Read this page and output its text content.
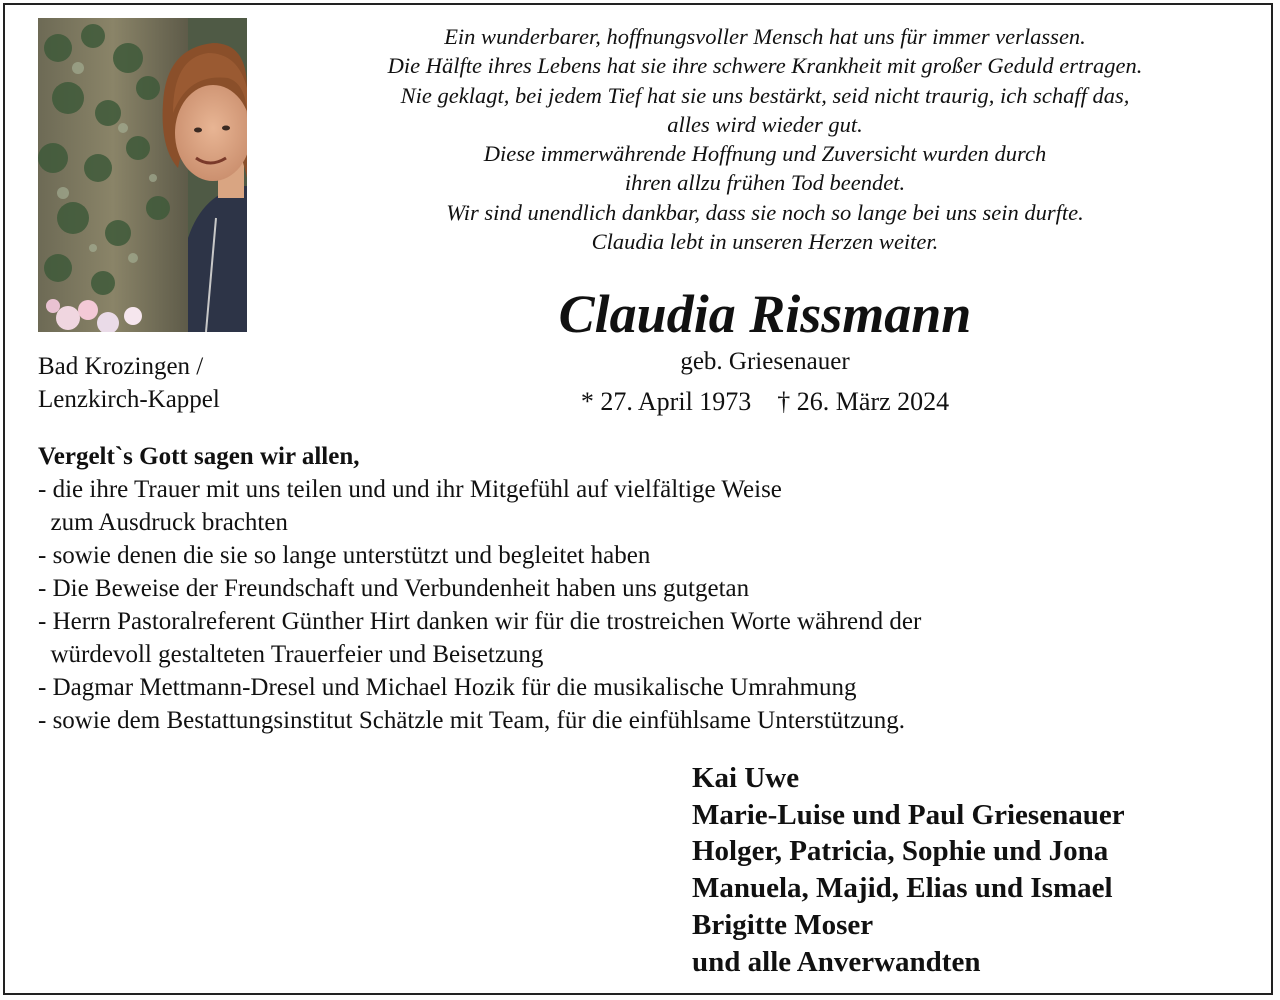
Ein wunderbarer, hoffnungsvoller Mensch hat uns für immer verlassen.
Die Hälfte ihres Lebens hat sie ihre schwere Krankheit mit großer Geduld ertragen.
Nie geklagt, bei jedem Tief hat sie uns bestärkt, seid nicht traurig, ich schaff das,
alles wird wieder gut.
Diese immerwährende Hoffnung und Zuversicht wurden durch
ihren allzu frühen Tod beendet.
Wir sind unendlich dankbar, dass sie noch so lange bei uns sein durfte.
Claudia lebt in unseren Herzen weiter.
Claudia Rissmann
geb. Griesenauer
* 27. April 1973    † 26. März 2024
Bad Krozingen /
Lenzkirch-Kappel
Vergelt`s Gott sagen wir allen,
- die ihre Trauer mit uns teilen und und ihr Mitgefühl auf vielfältige Weise
zum Ausdruck brachten
- sowie denen die sie so lange unterstützt und begleitet haben
- Die Beweise der Freundschaft und Verbundenheit haben uns gutgetan
- Herrn Pastoralreferent Günther Hirt danken wir für die trostreichen Worte während der
würdevoll gestalteten Trauerfeier und Beisetzung
- Dagmar Mettmann-Dresel und Michael Hozik für die musikalische Umrahmung
- sowie dem Bestattungsinstitut Schätzle mit Team, für die einfühlsame Unterstützung.
Kai Uwe
Marie-Luise und Paul Griesenauer
Holger, Patricia, Sophie und Jona
Manuela, Majid, Elias und Ismael
Brigitte Moser
und alle Anverwandten
